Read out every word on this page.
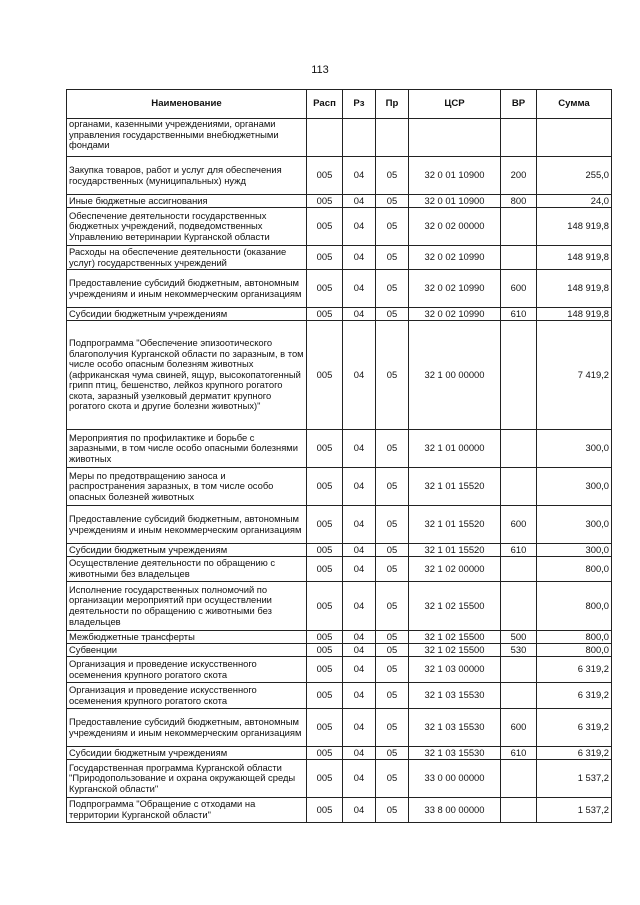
113
Наименование	Расп	Рз	Пр	ЦСР	ВР	Сумма
органами, казенными учреждениями, органами управления государственными внебюджетными фондами						
Закупка товаров, работ и услуг для обеспечения государственных (муниципальных) нужд	005	04	05	32 0 01 10900	200	255,0
Иные бюджетные ассигнования	005	04	05	32 0 01 10900	800	24,0
Обеспечение деятельности государственных бюджетных учреждений, подведомственных Управлению ветеринарии Курганской области	005	04	05	32 0 02 00000		148 919,8
Расходы на обеспечение деятельности (оказание услуг) государственных учреждений	005	04	05	32 0 02 10990		148 919,8
Предоставление субсидий бюджетным, автономным учреждениям и иным некоммерческим организациям	005	04	05	32 0 02 10990	600	148 919,8
Субсидии бюджетным учреждениям	005	04	05	32 0 02 10990	610	148 919,8
Подпрограмма "Обеспечение эпизоотического благополучия Курганской области по заразным, в том числе особо опасным болезням животных (африканская чума свиней, ящур, высокопатогенный грипп птиц, бешенство, лейкоз крупного рогатого скота, заразный узелковый дерматит крупного рогатого скота и другие болезни животных)"	005	04	05	32 1 00 00000		7 419,2
Мероприятия по профилактике и борьбе с заразными, в том числе особо опасными болезнями животных	005	04	05	32 1 01 00000		300,0
Меры по предотвращению заноса и распространения заразных, в том числе особо опасных болезней животных	005	04	05	32 1 01 15520		300,0
Предоставление субсидий бюджетным, автономным учреждениям и иным некоммерческим организациям	005	04	05	32 1 01 15520	600	300,0
Субсидии бюджетным учреждениям	005	04	05	32 1 01 15520	610	300,0
Осуществление деятельности по обращению с животными без владельцев	005	04	05	32 1 02 00000		800,0
Исполнение государственных полномочий по организации мероприятий при осуществлении деятельности по обращению с животными без владельцев	005	04	05	32 1 02 15500		800,0
Межбюджетные трансферты	005	04	05	32 1 02 15500	500	800,0
Субвенции	005	04	05	32 1 02 15500	530	800,0
Организация и проведение искусственного осеменения крупного рогатого скота	005	04	05	32 1 03 00000		6 319,2
Организация и проведение искусственного осеменения крупного рогатого скота	005	04	05	32 1 03 15530		6 319,2
Предоставление субсидий бюджетным, автономным учреждениям и иным некоммерческим организациям	005	04	05	32 1 03 15530	600	6 319,2
Субсидии бюджетным учреждениям	005	04	05	32 1 03 15530	610	6 319,2
Государственная программа Курганской области "Природопользование и охрана окружающей среды Курганской области"	005	04	05	33 0 00 00000		1 537,2
Подпрограмма "Обращение с отходами на территории Курганской области"	005	04	05	33 8 00 00000		1 537,2
